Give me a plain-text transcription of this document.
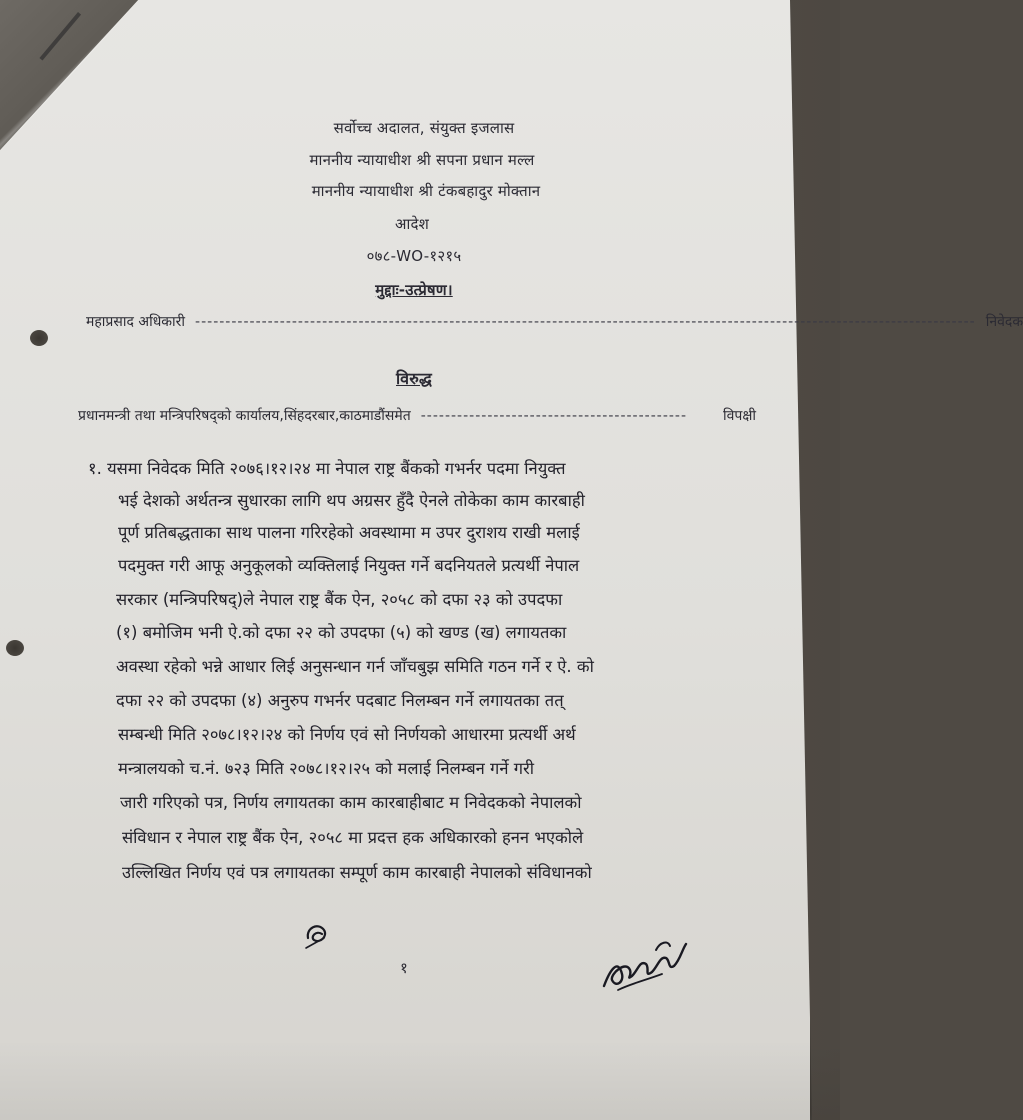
सर्वोच्च अदालत, संयुक्त इजलास
माननीय न्यायाधीश श्री सपना प्रधान मल्ल
माननीय न्यायाधीश श्री टंकबहादुर मोक्तान
आदेश
०७८-WO-१२१५
मुद्दाः-उत्प्रेषण।
महाप्रसाद अधिकारी --------------------------------------------------------------------------------------------------------------------------------- निवेदक
विरुद्ध
प्रधानमन्त्री तथा मन्त्रिपरिषद्‌को कार्यालय,सिंहदरबार,काठमाडौंसमेत --------------------------------------------	विपक्षी
१. यसमा निवेदक मिति २०७६।१२।२४ मा नेपाल राष्ट्र बैंकको गभर्नर पदमा नियुक्त
भई देशको अर्थतन्त्र सुधारका लागि थप अग्रसर हुँदै ऐनले तोकेका काम कारबाही
पूर्ण प्रतिबद्धताका साथ पालना गरिरहेको अवस्थामा म उपर दुराशय राखी मलाई
पदमुक्त गरी आफू अनुकूलको व्यक्तिलाई नियुक्त गर्ने बदनियतले प्रत्यर्थी नेपाल
सरकार (मन्त्रिपरिषद्)ले नेपाल राष्ट्र बैंक ऐन, २०५८ को दफा २३ को उपदफा
(१) बमोजिम भनी ऐ.को दफा २२ को उपदफा (५) को खण्ड (ख) लगायतका
अवस्था रहेको भन्ने आधार लिई अनुसन्धान गर्न जाँचबुझ समिति गठन गर्ने र ऐ. को
दफा २२ को उपदफा (४) अनुरुप गभर्नर पदबाट निलम्बन गर्ने लगायतका तत्
सम्बन्धी मिति २०७८।१२।२४ को निर्णय एवं सो निर्णयको आधारमा प्रत्यर्थी अर्थ
मन्त्रालयको च.नं. ७२३ मिति २०७८।१२।२५ को मलाई निलम्बन गर्ने गरी
जारी गरिएको पत्र, निर्णय लगायतका काम कारबाहीबाट म निवेदकको नेपालको
संविधान र नेपाल राष्ट्र बैंक ऐन, २०५८ मा प्रदत्त हक अधिकारको हनन भएकोले
उल्लिखित निर्णय एवं पत्र लगायतका सम्पूर्ण काम कारबाही नेपालको संविधानको
१
